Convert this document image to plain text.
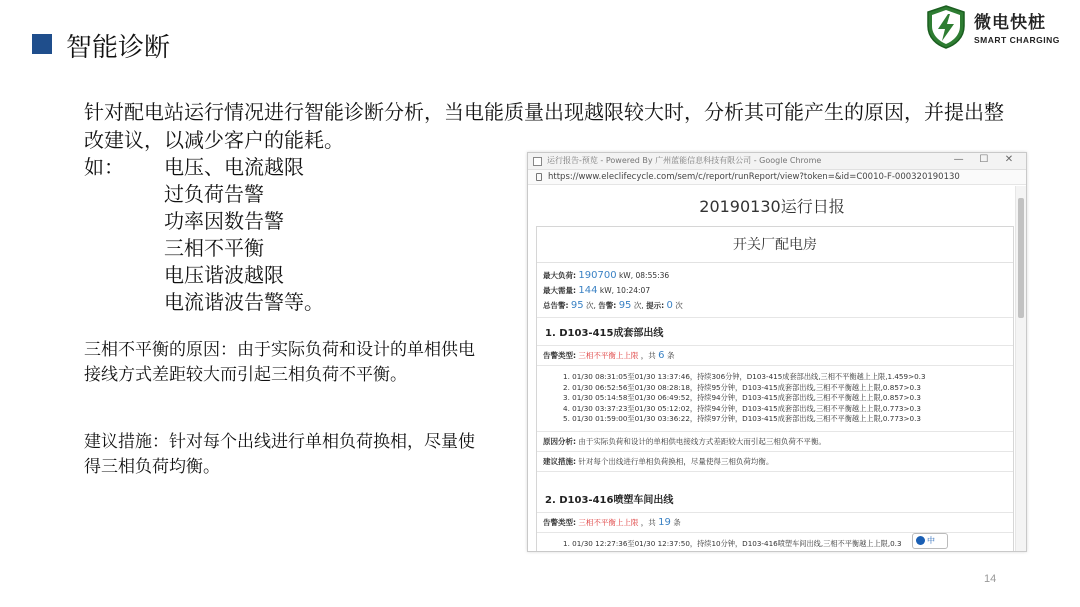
智能诊断
微电快桩
SMART CHARGING
针对配电站运行情况进行智能诊断分析，当电能质量出现越限较大时，分析其可能产生的原因，并提出整改建议，以减少客户的能耗。
如： 电压、电流越限
过负荷告警
功率因数告警
三相不平衡
电压谐波越限
电流谐波告警等。
三相不平衡的原因：由于实际负荷和设计的单相供电接线方式差距较大而引起三相负荷不平衡。
建议措施：针对每个出线进行单相负荷换相，尽量使得三相负荷均衡。
14
运行报告-预览 - Powered By 广州蓝能信息科技有限公司 - Google Chrome	— ☐ ✕
https://www.eleclifecycle.com/sem/c/report/runReport/view?token=&id=C0010-F-000320190130
20190130运行日报
开关厂配电房
最大负荷: 190700 kW, 08:55:36
最大需量: 144 kW, 10:24:07
总告警: 95 次, 告警: 95 次, 提示: 0 次
1. D103-415成套部出线
告警类型: 三相不平衡上上限 ，共 6 条
1. 01/30 08:31:05至01/30 13:37:46，持续306分钟，D103-415成套部出线,三相不平衡越上上限,1.459>0.3
2. 01/30 06:52:56至01/30 08:28:18，持续95分钟，D103-415成套部出线,三相不平衡越上上限,0.857>0.3
3. 01/30 05:14:58至01/30 06:49:52，持续94分钟，D103-415成套部出线,三相不平衡越上上限,0.857>0.3
4. 01/30 03:37:23至01/30 05:12:02，持续94分钟，D103-415成套部出线,三相不平衡越上上限,0.773>0.3
5. 01/30 01:59:00至01/30 03:36:22，持续97分钟，D103-415成套部出线,三相不平衡越上上限,0.773>0.3
原因分析: 由于实际负荷和设计的单相供电接线方式差距较大而引起三相负荷不平衡。
建议措施: 针对每个出线进行单相负荷换相，尽量使得三相负荷均衡。
2. D103-416喷塑车间出线
告警类型: 三相不平衡上上限 ，共 19 条
1. 01/30 12:27:36至01/30 12:37:50，持续10分钟，D103-416喷塑车间出线,三相不平衡越上上限,0.3	中
